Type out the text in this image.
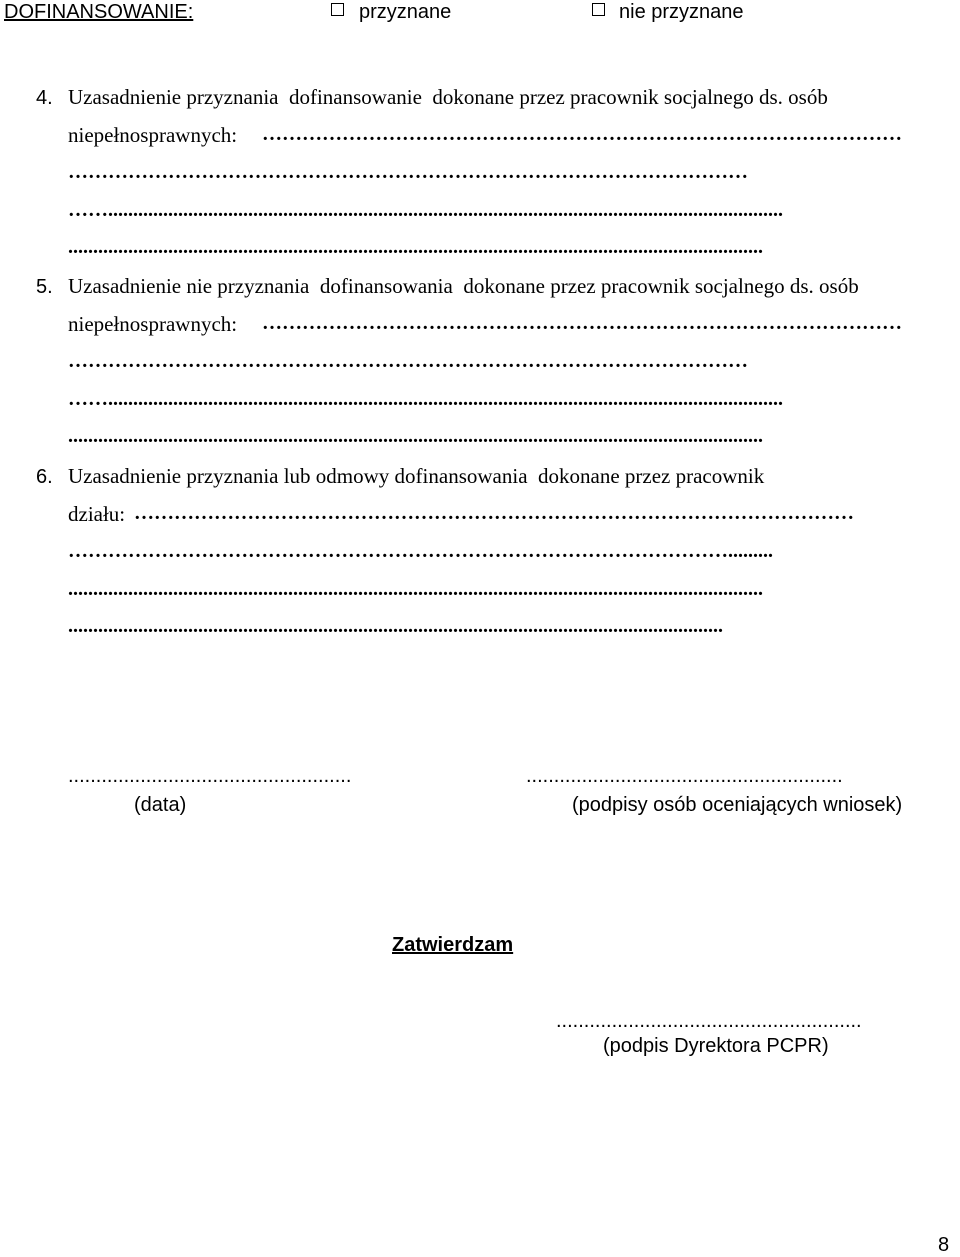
DOFINANSOWANIE:	przyznane	nie przyznane
4. Uzasadnienie przyznania  dofinansowanie  dokonane przez pracownik socjalnego ds. osób
niepełnosprawnych: ……………………………………………………………………………………
…………………………………………………………………………………………
…….......................................................................................................................................
...........................................................................................................................................
5. Uzasadnienie nie przyznania  dofinansowania  dokonane przez pracownik socjalnego ds. osób
niepełnosprawnych: ……………………………………………………………………………………
…………………………………………………………………………………………
…….......................................................................................................................................
...........................................................................................................................................
6. Uzasadnienie przyznania lub odmowy dofinansowania  dokonane przez pracownik
działu: ………………………………………………………………………………………………
……………………………………………………………………………………….........
...........................................................................................................................................
...................................................................................................................................
...................................................
(data)
.........................................................
(podpisy osób oceniających wniosek)
Zatwierdzam
.......................................................
(podpis Dyrektora PCPR)
8
